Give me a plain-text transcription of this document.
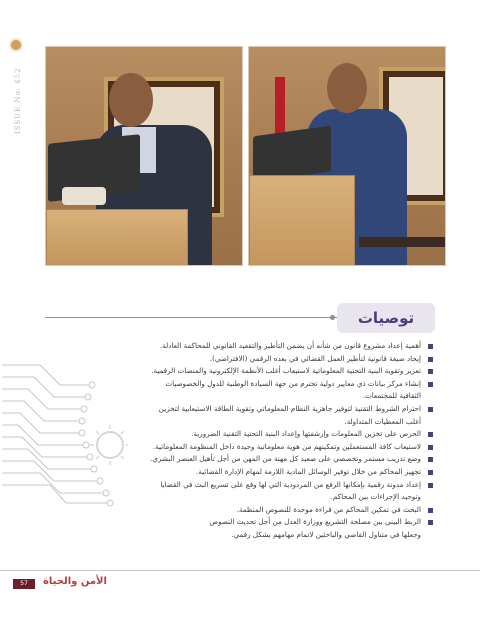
ISSUE No. 452
توصيات
أهمية إعداد مشروع قانون من شأنه أن يضمن التأطير والتقعيد القانوني للمحاكمة العادلة.
إيجاد صيغة قانونية لتأطير العمل القضائي في بعده الرقمي (الافتراضي).
تعزيز وتقوية البنية التحتية المعلوماتية لاستيعاب أغلب الأنظمة الإلكترونية والمنصات الرقمية.
إنشاء مركز بيانات ذي معايير دولية تحترم من جهة السيادة الوطنية للدول والخصوصيات
الثقافية للمجتمعات.
احترام الشروط التقنية لتوفير جاهزية النظام المعلوماتي وتقوية الطاقة الاستيعابية لتخزين
أغلب المعطيات المتداولة.
الحرص على تخزين المعلومات وإرشفتها وإعداد البنية التحتية التقنية الضرورية.
لاستيعاب كافة المستعملين وتمكينهم من هوية معلوماتية وحيدة داخل المنظومة المعلوماتية.
وضع تدريب مستمر وتخصصي على صعيد كل مهنة من المهن من أجل تأهيل العنصر البشري.
تجهيز المحاكم من خلال توفير الوسائل المادية اللازمة لمهام الإدارة القضائية.
إعداد مدونة رقمية بإمكانها الرفع من المردودية التي لها وقع على تسريع البث في القضايا
وتوحيد الإجراءات بين المحاكم.
البحث في تمكين المحاكم من قراءة موحدة للنصوص المنظمة.
الربط البيني بين مصلحة التشريع ووزارة العدل من أجل تحديث النصوص
وجعلها في متناول القاضي والباحثين لاتمام مهامهم بشكل رقمي.
57	الأمن والحياة
